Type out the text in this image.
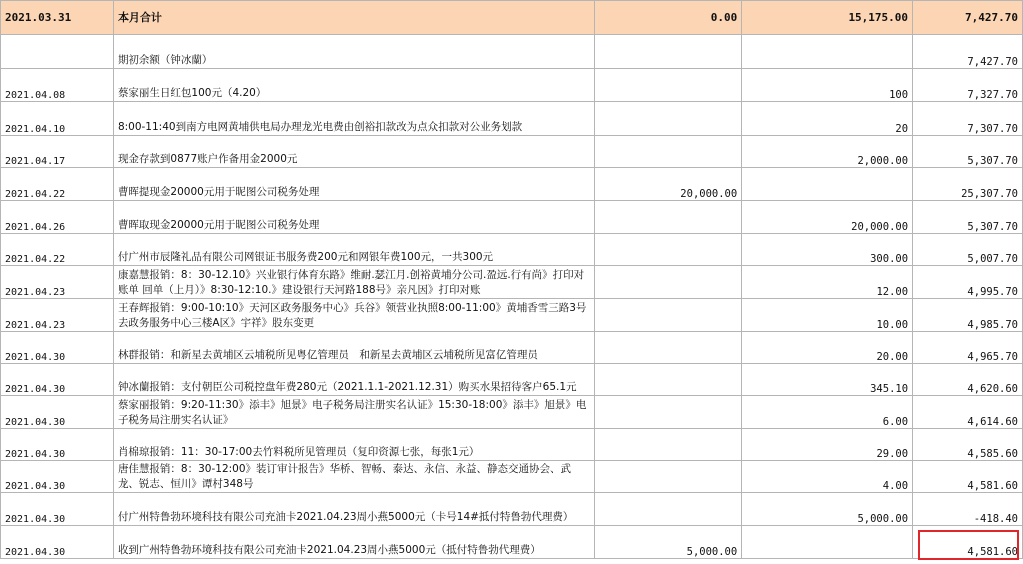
2021.03.31	本月合计	0.00	15,175.00	7,427.70
	期初余额（钟冰蘭）			7,427.70
2021.04.08	蔡家丽生日红包100元（4.20）		100	7,327.70
2021.04.10	8:00-11:40到南方电网黄埔供电局办理龙光电费由创裕扣款改为点众扣款对公业务划款		20	7,307.70
2021.04.17	现金存款到0877账户作备用金2000元		2,000.00	5,307.70
2021.04.22	曹晖提现金20000元用于昵图公司税务处理	20,000.00		25,307.70
2021.04.26	曹晖取现金20000元用于昵图公司税务处理		20,000.00	5,307.70
2021.04.22	付广州市辰隆礼品有限公司网银证书服务费200元和网银年费100元，一共300元		300.00	5,007.70
2021.04.23	康嘉慧报销：8：30-12.10》兴业银行体育东路》维耐.瑟江月.创裕黄埔分公司.盈远.行有尚》打印对账单 回单（上月）》8:30-12:10.》建设银行天河路188号》亲凡因》打印对账		12.00	4,995.70
2021.04.23	王春辉报销：9:00-10:10》天河区政务服务中心》兵谷》领营业执照8:00-11:00》黄埔香雪三路3号去政务服务中心三楼A区》宇祥》股东变更		10.00	4,985.70
2021.04.30	林群报销：和新星去黄埔区云埔税所见粤亿管理员　和新星去黄埔区云埔税所见富亿管理员		20.00	4,965.70
2021.04.30	钟冰蘭报销：支付朝臣公司税控盘年费280元（2021.1.1-2021.12.31）购买水果招待客户65.1元		345.10	4,620.60
2021.04.30	蔡家丽报销：9:20-11:30》添丰》旭景》电子税务局注册实名认证》15:30-18:00》添丰》旭景》电子税务局注册实名认证》		6.00	4,614.60
2021.04.30	肖棉琼报销：11：30-17:00去竹料税所见管理员（复印资源七张，每张1元）		29.00	4,585.60
2021.04.30	唐佳慧报销：8：30-12:00》装订审计报告》华桥、智畅、泰达、永信、永益、静态交通协会、武龙、锐志、恒川》谭村348号		4.00	4,581.60
2021.04.30	付广州特鲁勃环境科技有限公司充油卡2021.04.23周小燕5000元（卡号14#抵付特鲁勃代理费）		5,000.00	-418.40
2021.04.30	收到广州特鲁勃环境科技有限公司充油卡2021.04.23周小燕5000元（抵付特鲁勃代理费）	5,000.00		4,581.60
